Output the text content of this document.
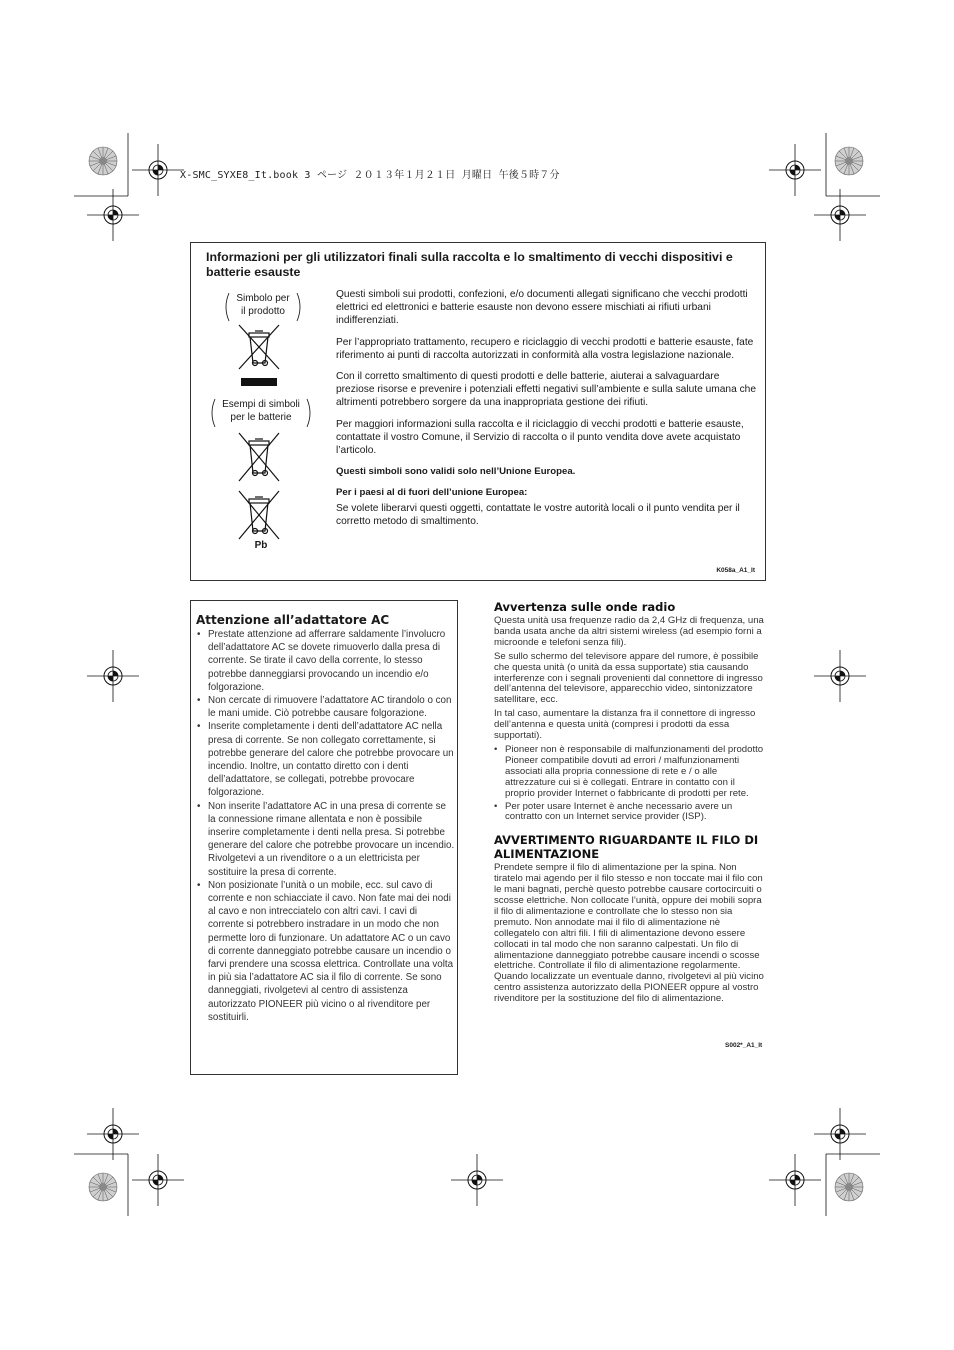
X-SMC_SYXE8_It.book 3 ページ ２０１３年１月２１日 月曜日 午後５時７分
Informazioni per gli utilizzatori finali sulla raccolta e lo smaltimento di vecchi dispositivi e batterie esauste
Simbolo per
il prodotto
Esempi di simboli
per le batterie
Pb

Questi simboli sui prodotti, confezioni, e/o documenti allegati significano che vecchi prodotti elettrici ed elettronici e batterie esauste non devono essere mischiati ai rifiuti urbani indifferenziati.

Per l’appropriato trattamento, recupero e riciclaggio di vecchi prodotti e batterie esauste, fate riferimento ai punti di raccolta autorizzati in conformità alla vostra legislazione nazionale.

Con il corretto smaltimento di questi prodotti e delle batterie, aiuterai a salvaguardare preziose risorse e prevenire i potenziali effetti negativi sull’ambiente e sulla salute umana che altrimenti potrebbero sorgere da una inappropriata gestione dei rifiuti.

Per maggiori informazioni sulla raccolta e il riciclaggio di vecchi prodotti e batterie esauste, contattate il vostro Comune, il Servizio di raccolta o il punto vendita dove avete acquistato l’articolo.

Questi simboli sono validi solo nell’Unione Europea.

Per i paesi al di fuori dell’unione Europea:

Se volete liberarvi questi oggetti, contattate le vostre autorità locali o il punto vendita per il corretto metodo di smaltimento.

K058a_A1_It
Attenzione all’adattatore AC
• Prestate attenzione ad afferrare saldamente l’involucro dell’adattatore AC se dovete rimuoverlo dalla presa di corrente. Se tirate il cavo della corrente, lo stesso potrebbe danneggiarsi provocando un incendio e/o folgorazione.
• Non cercate di rimuovere l’adattatore AC tirandolo o con le mani umide. Ciò potrebbe causare folgorazione.
• Inserite completamente i denti dell’adattatore AC nella presa di corrente. Se non collegato correttamente, si potrebbe generare del calore che potrebbe provocare un incendio. Inoltre, un contatto diretto con i denti dell’adattatore, se collegati, potrebbe provocare folgorazione.
• Non inserite l’adattatore AC in una presa di corrente se la connessione rimane allentata e non è possibile inserire completamente i denti nella presa. Si potrebbe generare del calore che potrebbe provocare un incendio. Rivolgetevi a un rivenditore o a un elettricista per sostituire la presa di corrente.
• Non posizionate l’unità o un mobile, ecc. sul cavo di corrente e non schiacciate il cavo. Non fate mai dei nodi al cavo e non intrecciatelo con altri cavi. I cavi di corrente si potrebbero instradare in un modo che non permette loro di funzionare. Un adattatore AC o un cavo di corrente danneggiato potrebbe causare un incendio o farvi prendere una scossa elettrica. Controllate una volta in più sia l’adattatore AC sia il filo di corrente. Se sono danneggiati, rivolgetevi al centro di assistenza autorizzato PIONEER più vicino o al rivenditore per sostituirli.
Avvertenza sulle onde radio

Questa unità usa frequenze radio da 2,4 GHz di frequenza, una banda usata anche da altri sistemi wireless (ad esempio forni a microonde e telefoni senza fili).

Se sullo schermo del televisore appare del rumore, è possibile che questa unità (o unità da essa supportate) stia causando interferenze con i segnali provenienti dal connettore di ingresso dell’antenna del televisore, apparecchio video, sintonizzatore satellitare, ecc.

In tal caso, aumentare la distanza fra il connettore di ingresso dell’antenna e questa unità (compresi i prodotti da essa supportati).

• Pioneer non è responsabile di malfunzionamenti del prodotto Pioneer compatibile dovuti ad errori / malfunzionamenti associati alla propria connessione di rete e / o alle attrezzature cui si è collegati. Entrare in contatto con il proprio provider Internet o fabbricante di prodotti per rete.
• Per poter usare Internet è anche necessario avere un contratto con un Internet service provider (ISP).
AVVERTIMENTO RIGUARDANTE IL FILO DI ALIMENTAZIONE

Prendete sempre il filo di alimentazione per la spina. Non tiratelo mai agendo per il filo stesso e non toccate mai il filo con le mani bagnati, perchè questo potrebbe causare cortocircuiti o scosse elettriche. Non collocate l’unità, oppure dei mobili sopra il filo di alimentazione e controllate che lo stesso non sia premuto. Non annodate mai il filo di alimentazione nè collegatelo con altri fili. I fili di alimentazione devono essere collocati in tal modo che non saranno calpestati. Un filo di alimentazione danneggiato potrebbe causare incendi o scosse elettriche. Controllate il filo di alimentazione regolarmente. Quando localizzate un eventuale danno, rivolgetevi al più vicino centro assistenza autorizzato della PIONEER oppure al vostro rivenditore per la sostituzione del filo di alimentazione.

S002*_A1_It
